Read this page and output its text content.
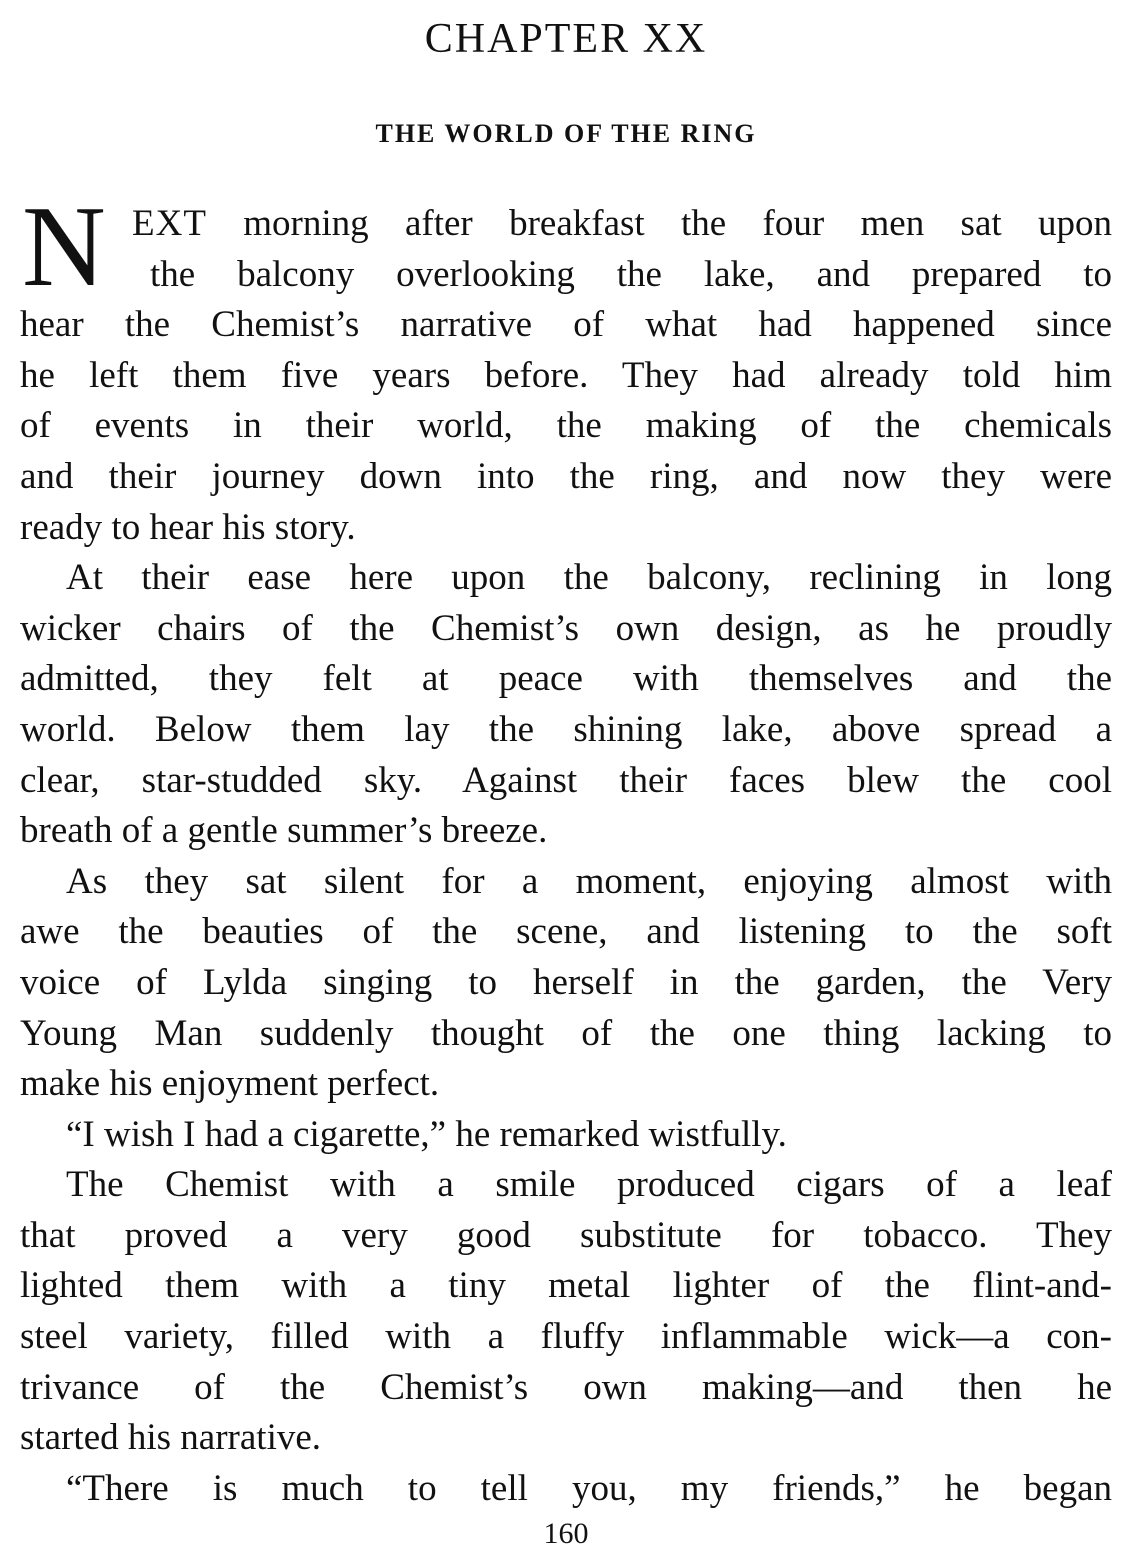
CHAPTER XX
THE WORLD OF THE RING
N EXT morning after breakfast the four men sat upon
the balcony overlooking the lake, and prepared to
hear the Chemist’s narrative of what had happened since
he left them five years before. They had already told him
of events in their world, the making of the chemicals
and their journey down into the ring, and now they were
ready to hear his story.
At their ease here upon the balcony, reclining in long
wicker chairs of the Chemist’s own design, as he proudly
admitted, they felt at peace with themselves and the
world. Below them lay the shining lake, above spread a
clear, star-studded sky. Against their faces blew the cool
breath of a gentle summer’s breeze.
As they sat silent for a moment, enjoying almost with
awe the beauties of the scene, and listening to the soft
voice of Lylda singing to herself in the garden, the Very
Young Man suddenly thought of the one thing lacking to
make his enjoyment perfect.
“I wish I had a cigarette,” he remarked wistfully.
The Chemist with a smile produced cigars of a leaf
that proved a very good substitute for tobacco. They
lighted them with a tiny metal lighter of the flint-and-
steel variety, filled with a fluffy inflammable wick—a con-
trivance of the Chemist’s own making—and then he
started his narrative.
“There is much to tell you, my friends,” he began
160
